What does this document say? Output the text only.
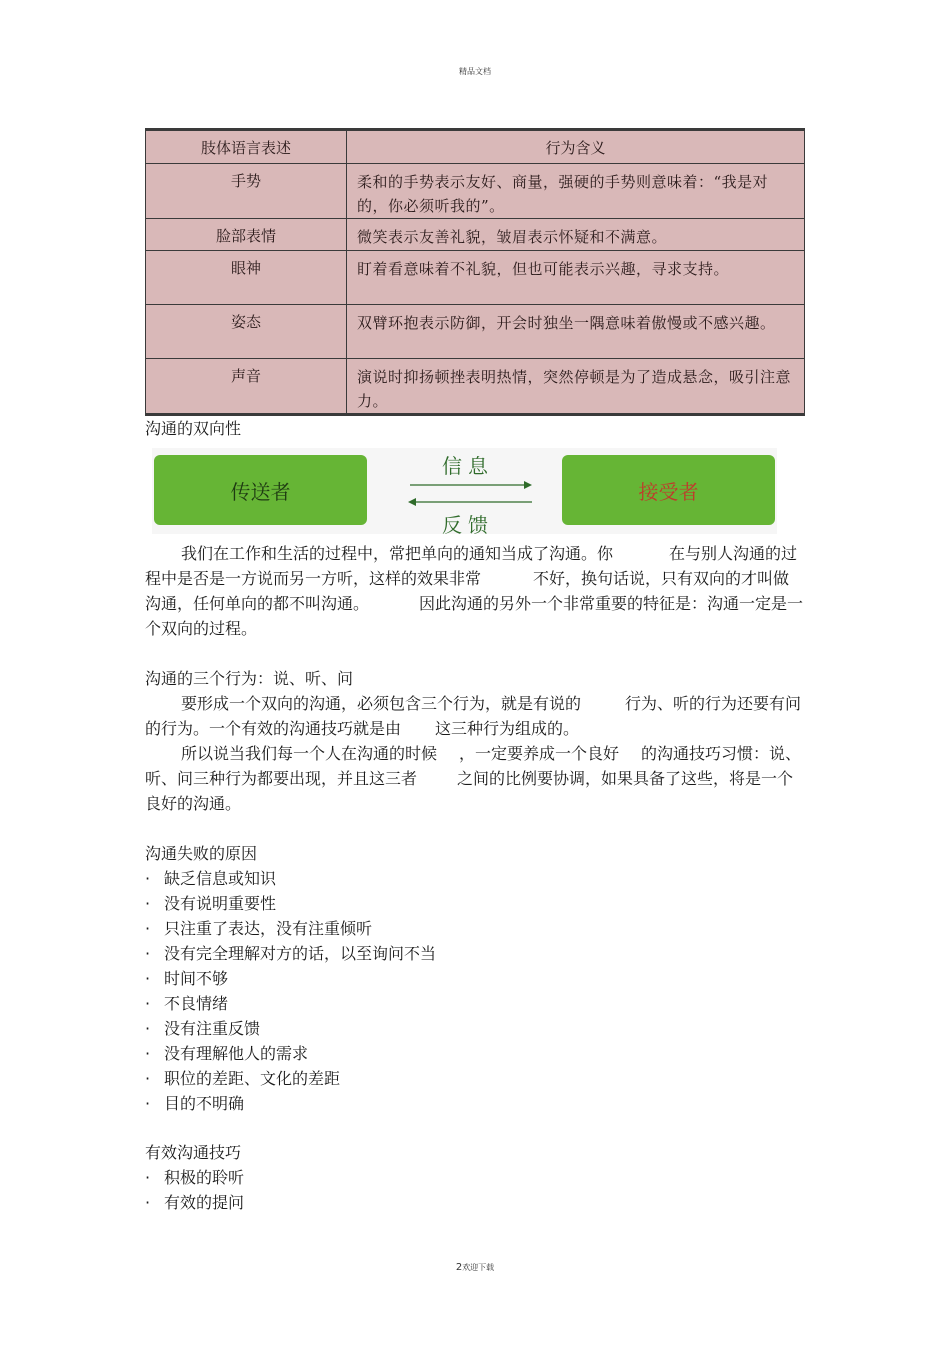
精品文档
肢体语言表述	行为含义
手势	柔和的手势表示友好、商量，强硬的手势则意味着：“我是对的，你必须听我的”。
脸部表情	微笑表示友善礼貌，皱眉表示怀疑和不满意。
眼神	盯着看意味着不礼貌，但也可能表示兴趣，寻求支持。
姿态	双臂环抱表示防御，开会时独坐一隅意味着傲慢或不感兴趣。
声音	演说时抑扬顿挫表明热情，突然停顿是为了造成悬念，吸引注意力。

沟通的双向性

传送者	接受者
信息
反馈

我们在工作和生活的过程中，常把单向的通知当成了沟通。你	在与别人沟通的过程中是否是一方说而另一方听，这样的效果非常	不好，换句话说，只有双向的才叫做沟通，任何单向的都不叫沟通。	因此沟通的另外一个非常重要的特征是：沟通一定是一个双向的过程。

沟通的三个行为：说、听、问

要形成一个双向的沟通，必须包含三个行为，就是有说的	行为、听的行为还要有问的行为。一个有效的沟通技巧就是由 这三种行为组成的。

所以说当我们每一个人在沟通的时候 ，一定要养成一个良好 的沟通技巧习惯：说、听、问三种行为都要出现，并且这三者	之间的比例要协调，如果具备了这些，将是一个良好的沟通。

沟通失败的原因

· 缺乏信息或知识

· 没有说明重要性

· 只注重了表达，没有注重倾听

· 没有完全理解对方的话，以至询问不当

· 时间不够

· 不良情绪

· 没有注重反馈

· 没有理解他人的需求

· 职位的差距、文化的差距

· 目的不明确

有效沟通技巧

· 积极的聆听

· 有效的提问

2欢迎下载
